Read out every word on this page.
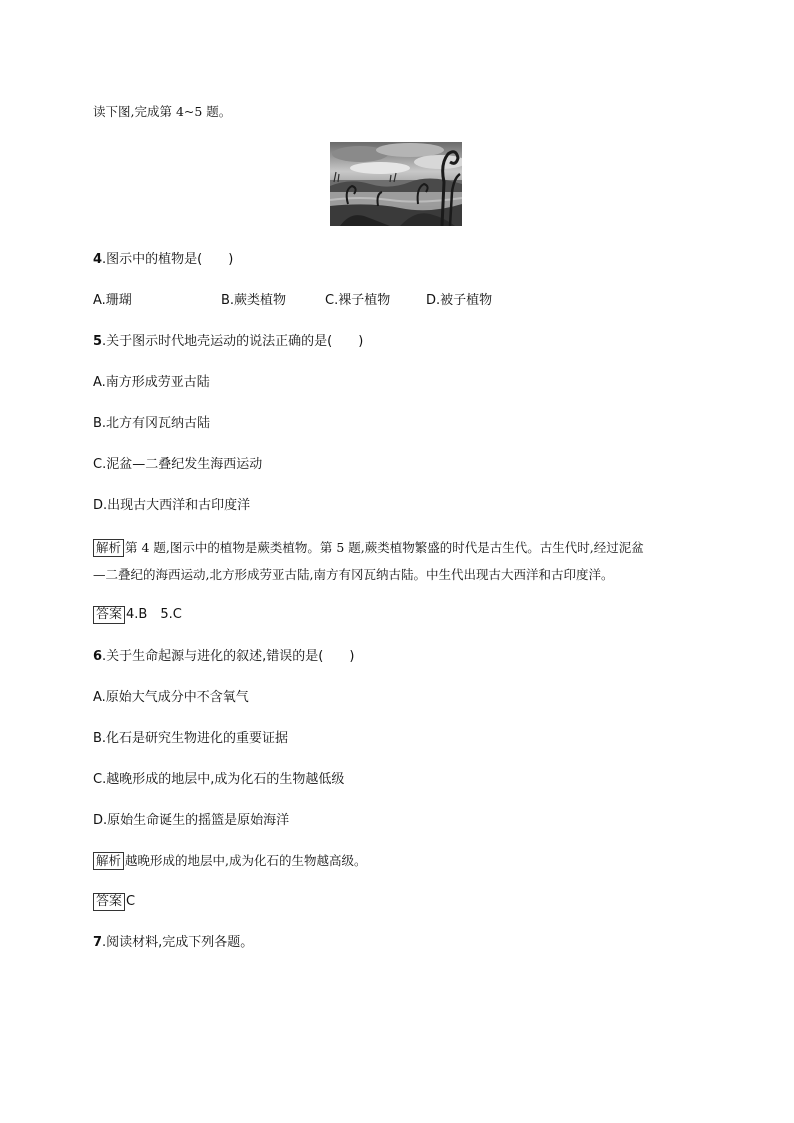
读下图,完成第 4~5 题。
4.图示中的植物是(　　)
A.珊瑚	B.蕨类植物	C.裸子植物	D.被子植物
5.关于图示时代地壳运动的说法正确的是(　　)
A.南方形成劳亚古陆
B.北方有冈瓦纳古陆
C.泥盆—二叠纪发生海西运动
D.出现古大西洋和古印度洋
解析 第 4 题,图示中的植物是蕨类植物。第 5 题,蕨类植物繁盛的时代是古生代。古生代时,经过泥盆
—二叠纪的海西运动,北方形成劳亚古陆,南方有冈瓦纳古陆。中生代出现古大西洋和古印度洋。
答案 4.B　5.C
6.关于生命起源与进化的叙述,错误的是(　　)
A.原始大气成分中不含氧气
B.化石是研究生物进化的重要证据
C.越晚形成的地层中,成为化石的生物越低级
D.原始生命诞生的摇篮是原始海洋
解析 越晚形成的地层中,成为化石的生物越高级。
答案 C
7.阅读材料,完成下列各题。
